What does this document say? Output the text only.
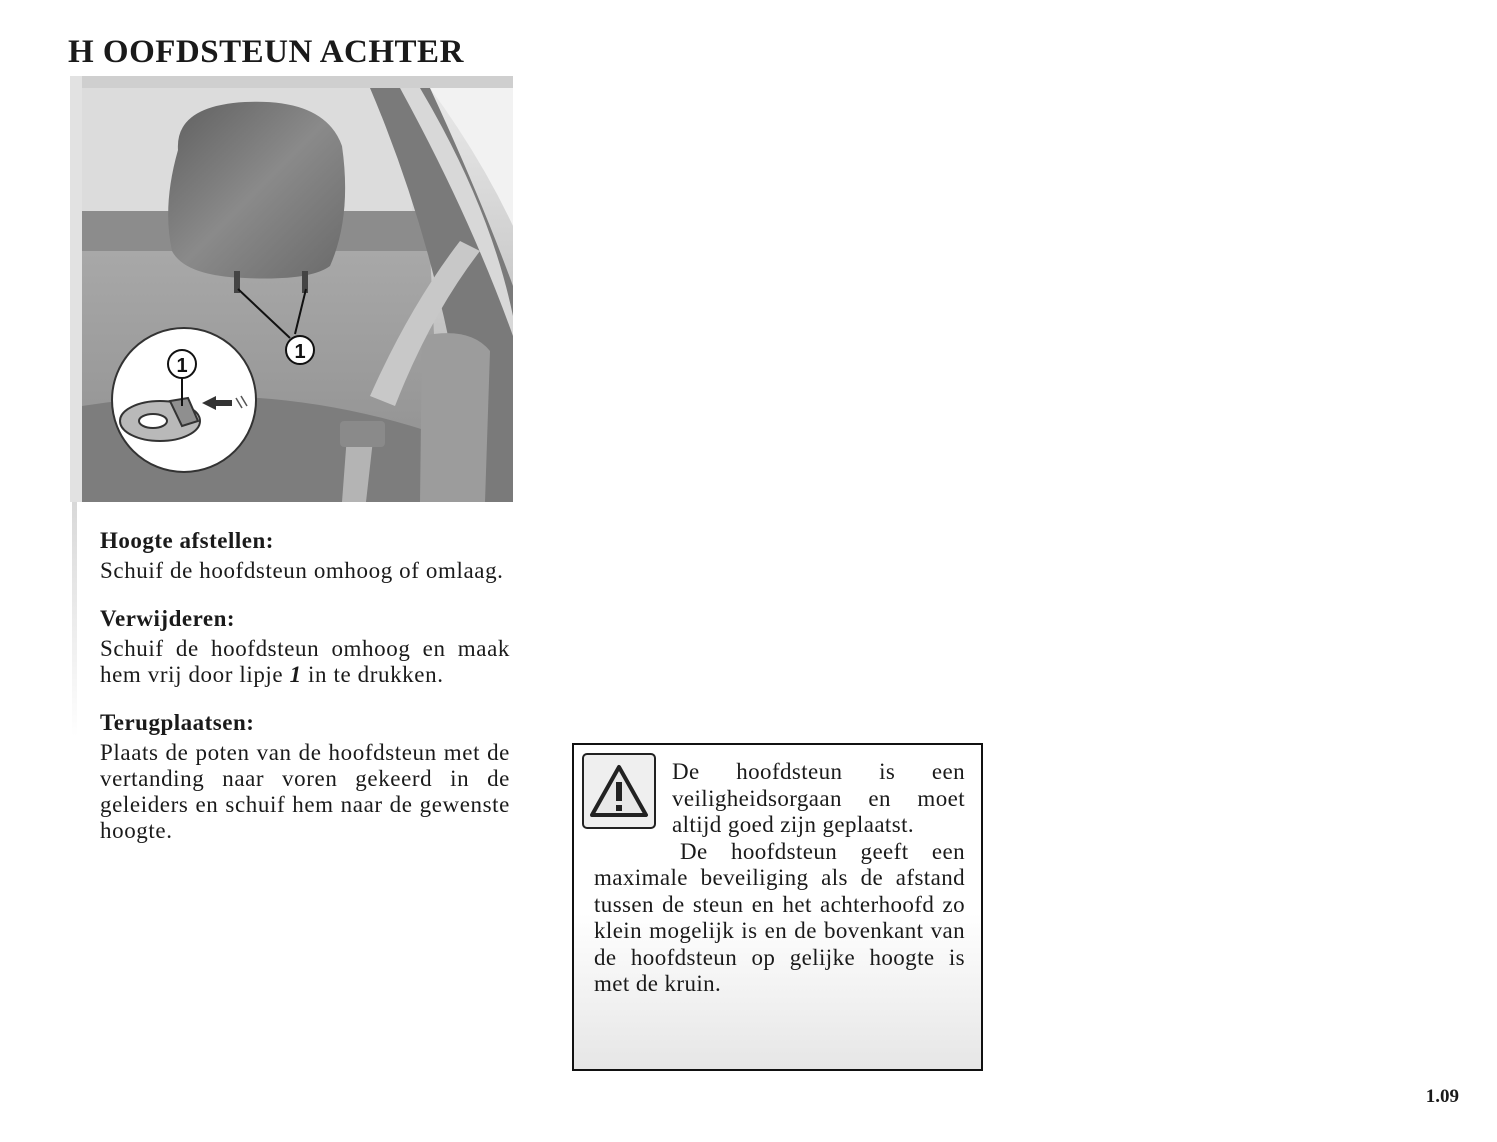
H OOFDSTEUN ACHTER
1
1
Hoogte afstellen:

Schuif de hoofdsteun omhoog of omlaag.

Verwijderen:

Schuif de hoofdsteun omhoog en maak hem vrij door lipje 1 in te drukken.

Terugplaatsen:

Plaats de poten van de hoofdsteun met de vertanding naar voren gekeerd in de geleiders en schuif hem naar de gewenste hoogte.

De hoofdsteun is een veiligheidsorgaan en moet altijd goed zijn geplaatst.

De hoofdsteun geeft een maximale beveiliging als de afstand tussen de steun en het achterhoofd zo klein mogelijk is en de bovenkant van de hoofdsteun op gelijke hoogte is met de kruin.

1.09
